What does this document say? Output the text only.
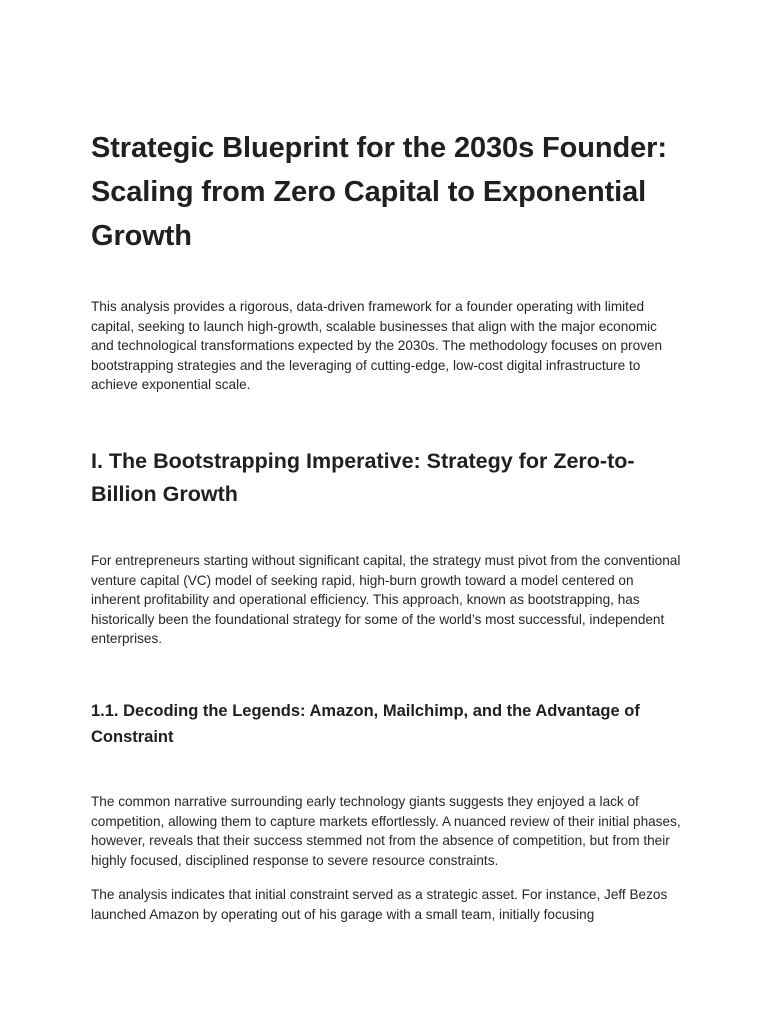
Strategic Blueprint for the 2030s Founder: Scaling from Zero Capital to Exponential Growth

This analysis provides a rigorous, data-driven framework for a founder operating with limited capital, seeking to launch high-growth, scalable businesses that align with the major economic and technological transformations expected by the 2030s. The methodology focuses on proven bootstrapping strategies and the leveraging of cutting-edge, low-cost digital infrastructure to achieve exponential scale.

I. The Bootstrapping Imperative: Strategy for Zero-to-Billion Growth

For entrepreneurs starting without significant capital, the strategy must pivot from the conventional venture capital (VC) model of seeking rapid, high-burn growth toward a model centered on inherent profitability and operational efficiency. This approach, known as bootstrapping, has historically been the foundational strategy for some of the world’s most successful, independent enterprises.

1.1. Decoding the Legends: Amazon, Mailchimp, and the Advantage of Constraint

The common narrative surrounding early technology giants suggests they enjoyed a lack of competition, allowing them to capture markets effortlessly. A nuanced review of their initial phases, however, reveals that their success stemmed not from the absence of competition, but from their highly focused, disciplined response to severe resource constraints.

The analysis indicates that initial constraint served as a strategic asset. For instance, Jeff Bezos launched Amazon by operating out of his garage with a small team, initially focusing
